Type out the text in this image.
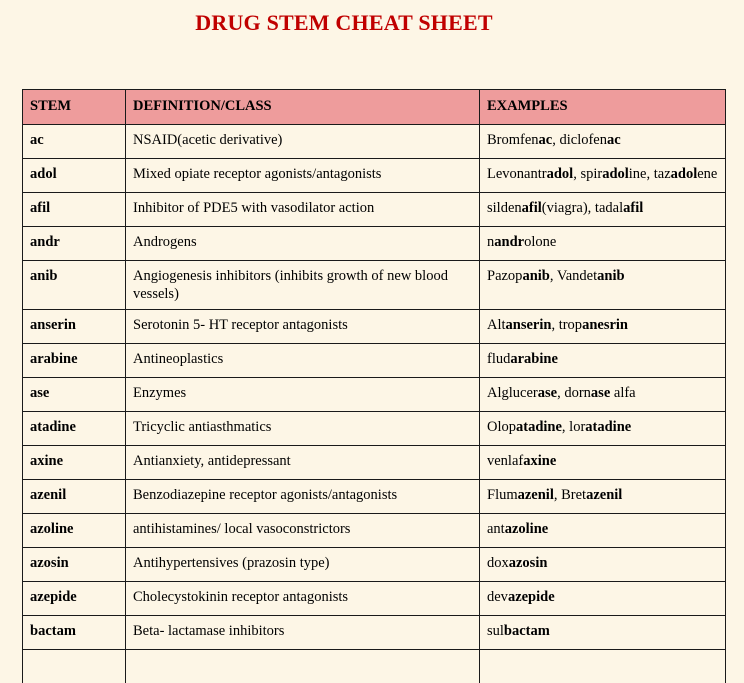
DRUG STEM CHEAT SHEET
STEM	DEFINITION/CLASS	EXAMPLES
ac	NSAID(acetic derivative)	Bromfenac, diclofenac
adol	Mixed opiate receptor agonists/antagonists	Levonantradol, spiradoline, tazadolene
afil	Inhibitor of PDE5 with vasodilator action	sildenafil(viagra), tadalafil
andr	Androgens	nandrolone
anib	Angiogenesis inhibitors (inhibits growth of new blood vessels)	Pazopanib, Vandetanib
anserin	Serotonin 5- HT receptor antagonists	Altanserin, tropanesrin
arabine	Antineoplastics	fludarabine
ase	Enzymes	Alglucerase, dornase alfa
atadine	Tricyclic antiasthmatics	Olopatadine, loratadine
axine	Antianxiety, antidepressant	venlafaxine
azenil	Benzodiazepine receptor agonists/antagonists	Flumazenil, Bretazenil
azoline	antihistamines/ local vasoconstrictors	antazoline
azosin	Antihypertensives (prazosin type)	doxazosin
azepide	Cholecystokinin receptor antagonists	devazepide
bactam	Beta- lactamase inhibitors	sulbactam
